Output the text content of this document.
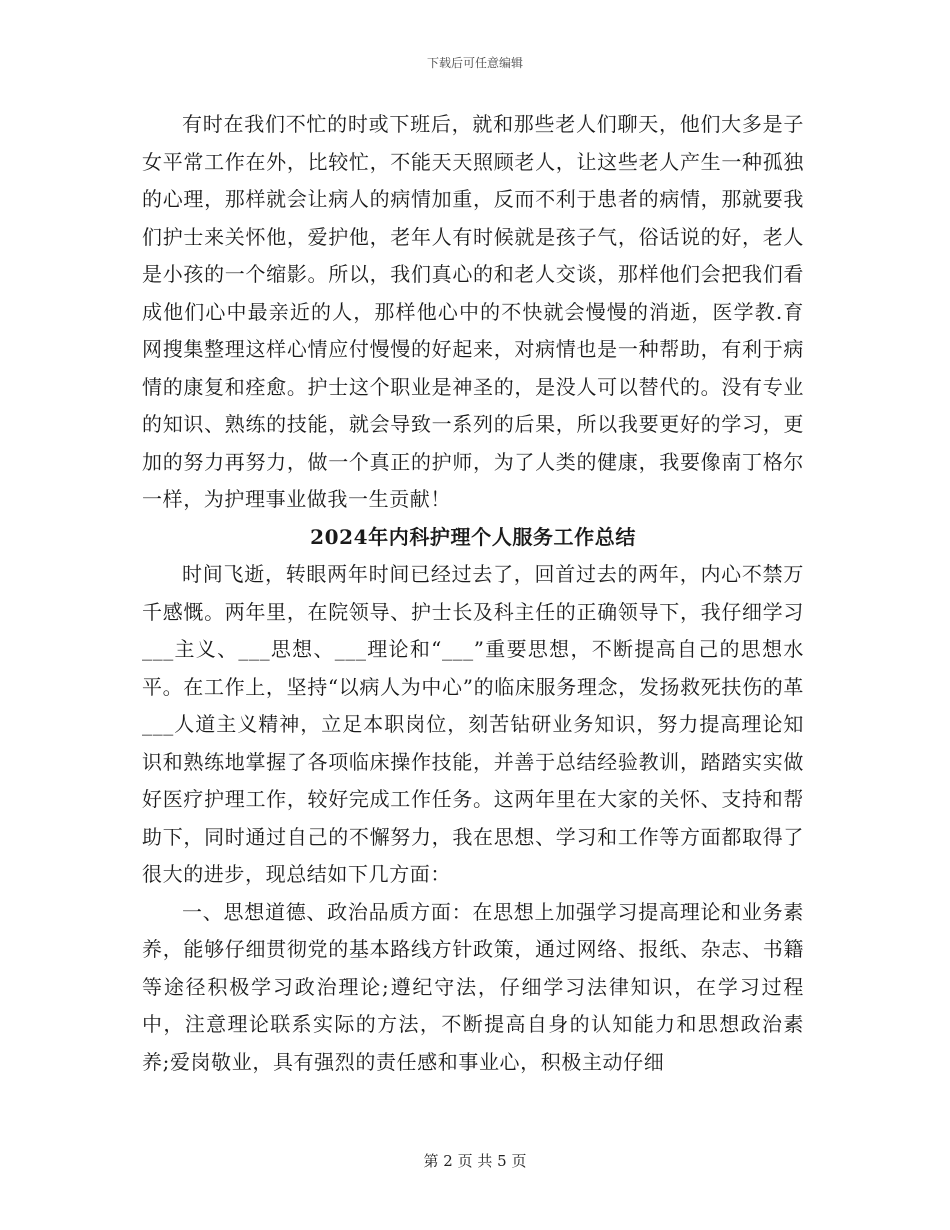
下载后可任意编辑

有时在我们不忙的时或下班后，就和那些老人们聊天，他们大多是子女平常工作在外，比较忙，不能天天照顾老人，让这些老人产生一种孤独的心理，那样就会让病人的病情加重，反而不利于患者的病情，那就要我们护士来关怀他，爱护他，老年人有时候就是孩子气，俗话说的好，老人是小孩的一个缩影。所以，我们真心的和老人交谈，那样他们会把我们看成他们心中最亲近的人，那样他心中的不快就会慢慢的消逝，医学教.育网搜集整理这样心情应付慢慢的好起来，对病情也是一种帮助，有利于病情的康复和痊愈。护士这个职业是神圣的，是没人可以替代的。没有专业的知识、熟练的技能，就会导致一系列的后果，所以我要更好的学习，更加的努力再努力，做一个真正的护师，为了人类的健康，我要像南丁格尔一样，为护理事业做我一生贡献！

2024年内科护理个人服务工作总结

时间飞逝，转眼两年时间已经过去了，回首过去的两年，内心不禁万千感慨。两年里，在院领导、护士长及科主任的正确领导下，我仔细学习___主义、___思想、___理论和“___”重要思想，不断提高自己的思想水平。在工作上，坚持“以病人为中心”的临床服务理念，发扬救死扶伤的革___人道主义精神，立足本职岗位，刻苦钻研业务知识，努力提高理论知识和熟练地掌握了各项临床操作技能，并善于总结经验教训，踏踏实实做好医疗护理工作，较好完成工作任务。这两年里在大家的关怀、支持和帮助下，同时通过自己的不懈努力，我在思想、学习和工作等方面都取得了很大的进步，现总结如下几方面：

一、思想道德、政治品质方面：在思想上加强学习提高理论和业务素养，能够仔细贯彻党的基本路线方针政策，通过网络、报纸、杂志、书籍等途径积极学习政治理论;遵纪守法，仔细学习法律知识，在学习过程中，注意理论联系实际的方法，不断提高自身的认知能力和思想政治素养;爱岗敬业，具有强烈的责任感和事业心，积极主动仔细

第 2 页 共 5 页
